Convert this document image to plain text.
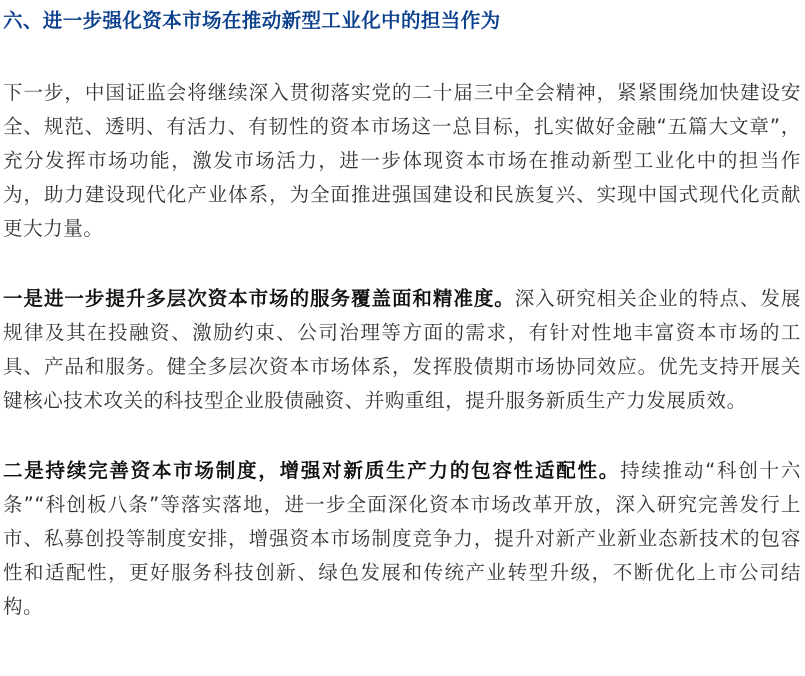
六、进一步强化资本市场在推动新型工业化中的担当作为

下一步，中国证监会将继续深入贯彻落实党的二十届三中全会精神，紧紧围绕加快建设安全、规范、透明、有活力、有韧性的资本市场这一总目标，扎实做好金融“五篇大文章”，充分发挥市场功能，激发市场活力，进一步体现资本市场在推动新型工业化中的担当作为，助力建设现代化产业体系，为全面推进强国建设和民族复兴、实现中国式现代化贡献更大力量。

一是进一步提升多层次资本市场的服务覆盖面和精准度。深入研究相关企业的特点、发展规律及其在投融资、激励约束、公司治理等方面的需求，有针对性地丰富资本市场的工具、产品和服务。健全多层次资本市场体系，发挥股债期市场协同效应。优先支持开展关键核心技术攻关的科技型企业股债融资、并购重组，提升服务新质生产力发展质效。

二是持续完善资本市场制度，增强对新质生产力的包容性适配性。持续推动“科创十六条”“科创板八条”等落实落地，进一步全面深化资本市场改革开放，深入研究完善发行上市、私募创投等制度安排，增强资本市场制度竞争力，提升对新产业新业态新技术的包容性和适配性，更好服务科技创新、绿色发展和传统产业转型升级，不断优化上市公司结构。
